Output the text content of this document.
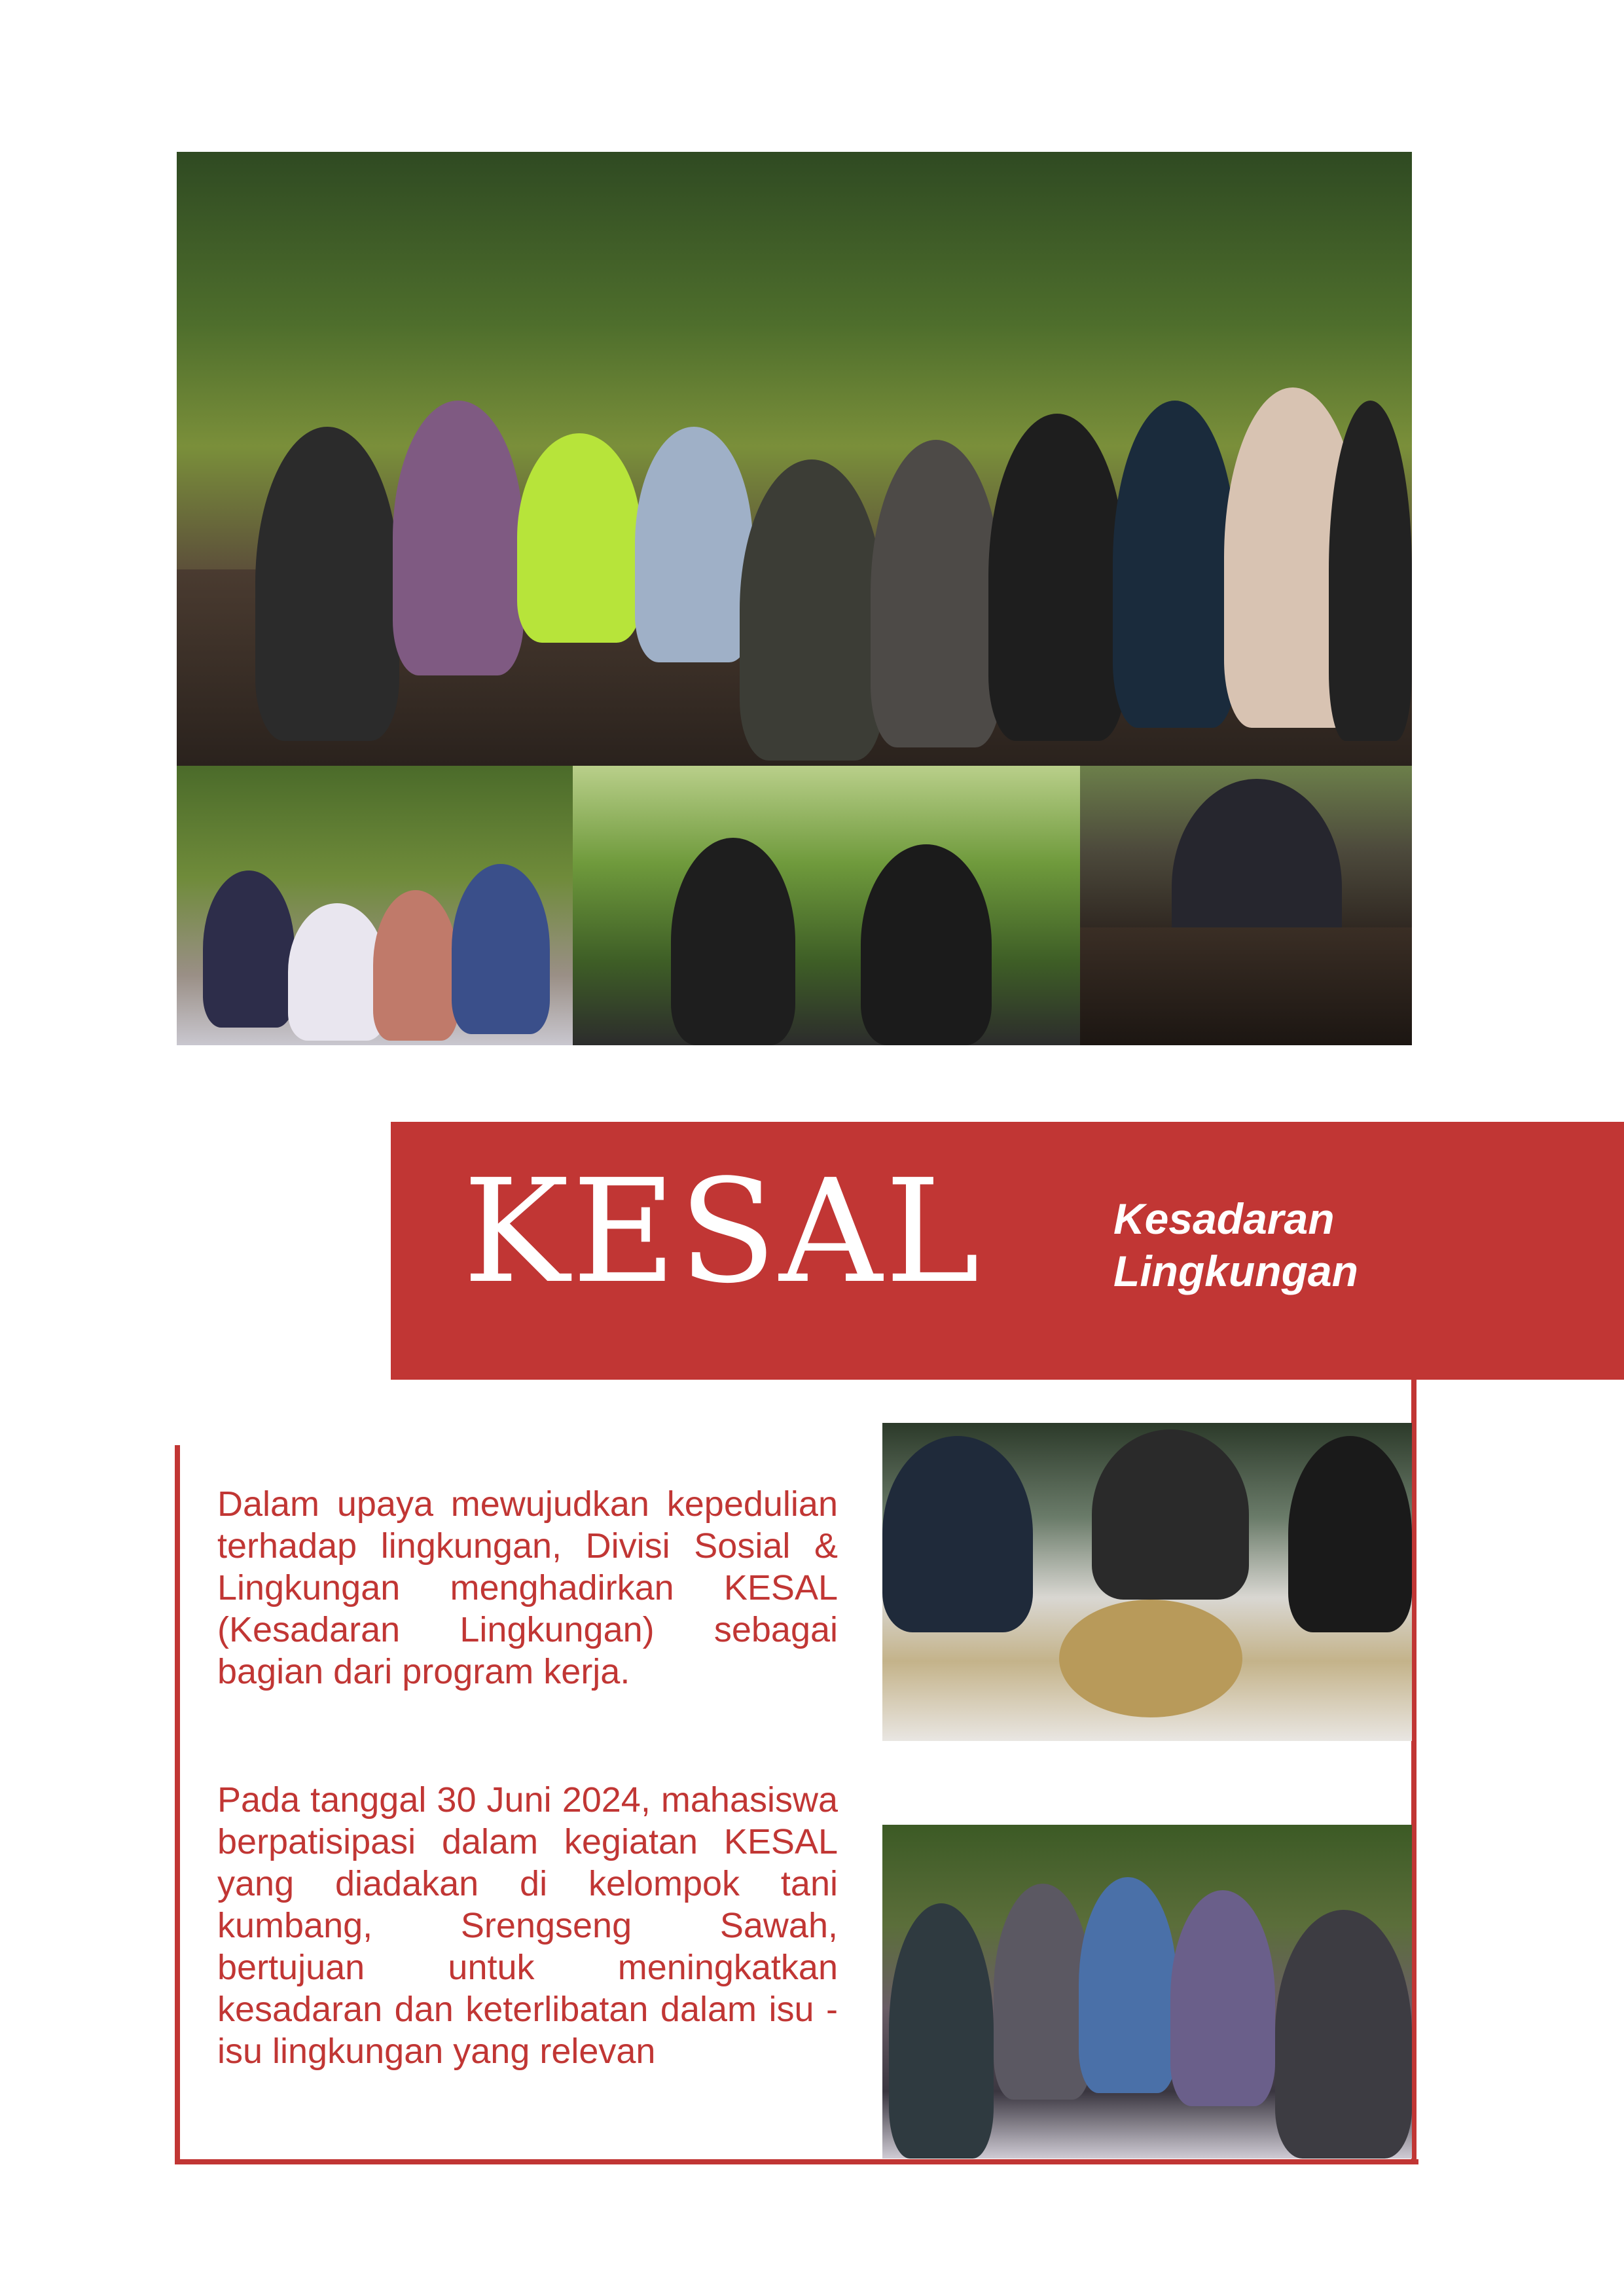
KESAL	Kesadaran
Lingkungan

Dalam upaya mewujudkan kepedulian terhadap lingkungan, Divisi Sosial & Lingkungan menghadirkan KESAL (Kesadaran Lingkungan) sebagai bagian dari program kerja.

Pada tanggal 30 Juni 2024, mahasiswa berpatisipasi dalam kegiatan KESAL yang diadakan di kelompok tani kumbang, Srengseng Sawah, bertujuan untuk meningkatkan kesadaran dan keterlibatan dalam isu - isu lingkungan yang relevan
